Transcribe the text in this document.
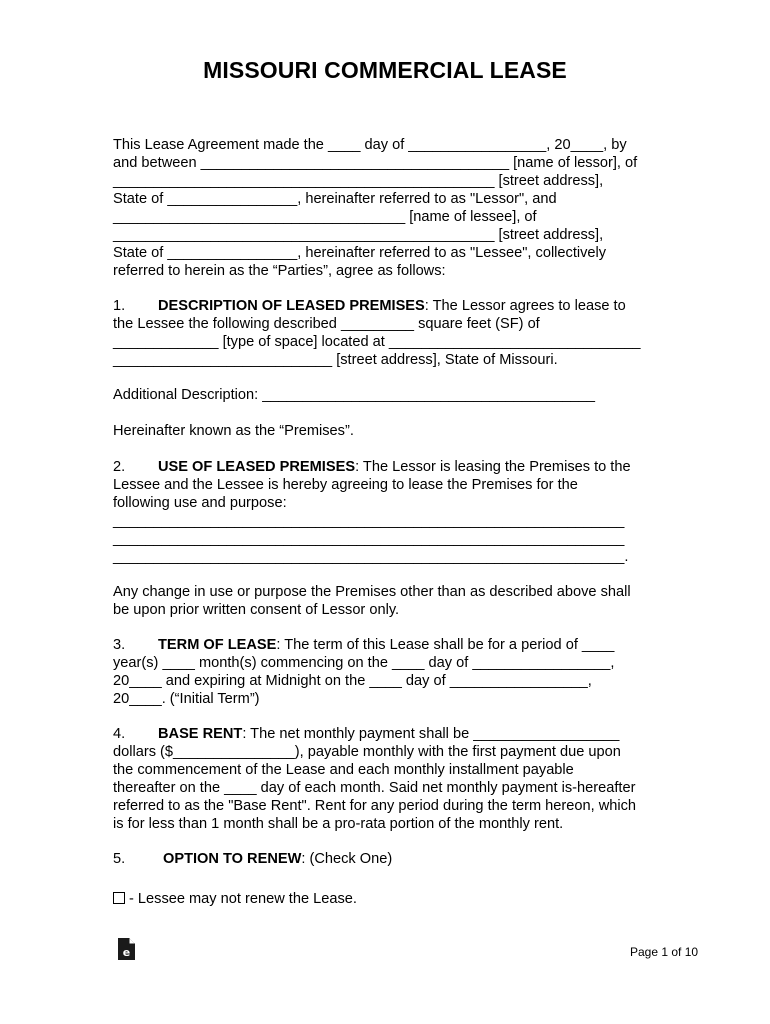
MISSOURI COMMERCIAL LEASE
This Lease Agreement made the ____ day of _________________, 20____, by
and between ______________________________________ [name of lessor], of
_______________________________________________ [street address],
State of ________________, hereinafter referred to as "Lessor", and
____________________________________ [name of lessee], of
_______________________________________________ [street address],
State of ________________, hereinafter referred to as "Lessee", collectively
referred to herein as the “Parties”, agree as follows:
1. DESCRIPTION OF LEASED PREMISES: The Lessor agrees to lease to
the Lessee the following described _________ square feet (SF) of
_____________ [type of space] located at _______________________________
___________________________ [street address], State of Missouri.
Additional Description: _________________________________________
Hereinafter known as the “Premises”.
2. USE OF LEASED PREMISES: The Lessor is leasing the Premises to the
Lessee and the Lessee is hereby agreeing to lease the Premises for the
following use and purpose:
_______________________________________________________________
_______________________________________________________________
_______________________________________________________________.
Any change in use or purpose the Premises other than as described above shall
be upon prior written consent of Lessor only.
3. TERM OF LEASE: The term of this Lease shall be for a period of ____
year(s) ____ month(s) commencing on the ____ day of _________________,
20____ and expiring at Midnight on the ____ day of _________________,
20____. (“Initial Term”)
4. BASE RENT: The net monthly payment shall be __________________
dollars ($_______________), payable monthly with the first payment due upon
the commencement of the Lease and each monthly installment payable
thereafter on the ____ day of each month. Said net monthly payment is-hereafter
referred to as the "Base Rent". Rent for any period during the term hereon, which
is for less than 1 month shall be a pro-rata portion of the monthly rent.
5.	OPTION TO RENEW: (Check One)
- Lessee may not renew the Lease.
e	Page 1 of 10
